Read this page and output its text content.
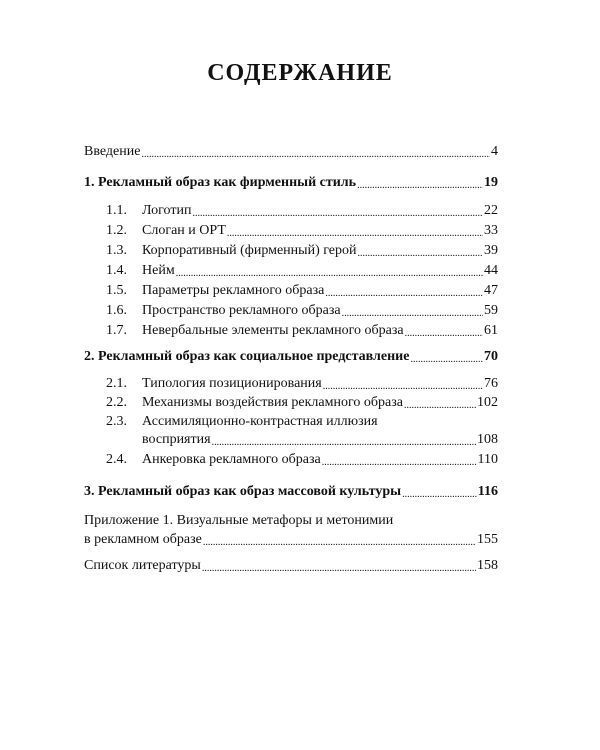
СОДЕРЖАНИЕ
Введение .....	4
1. Рекламный образ как фирменный стиль .....	19
1.1.	Логотип .....	22
1.2.	Слоган и ОРТ .....	33
1.3.	Корпоративный (фирменный) герой .....	39
1.4.	Нейм .....	44
1.5.	Параметры рекламного образа .....	47
1.6.	Пространство рекламного образа .....	59
1.7.	Невербальные элементы рекламного образа .....	61
2. Рекламный образ как социальное представление .....	70
2.1.	Типология позиционирования .....	76
2.2.	Механизмы воздействия рекламного образа .....	102
2.3. Ассимиляционно-контрастная иллюзия
восприятия .....	108
2.4.	Анкеровка рекламного образа .....	110
3. Рекламный образ как образ массовой культуры .....	116
Приложение 1. Визуальные метафоры и метонимии
в рекламном образе .....	155
Список литературы .....	158
